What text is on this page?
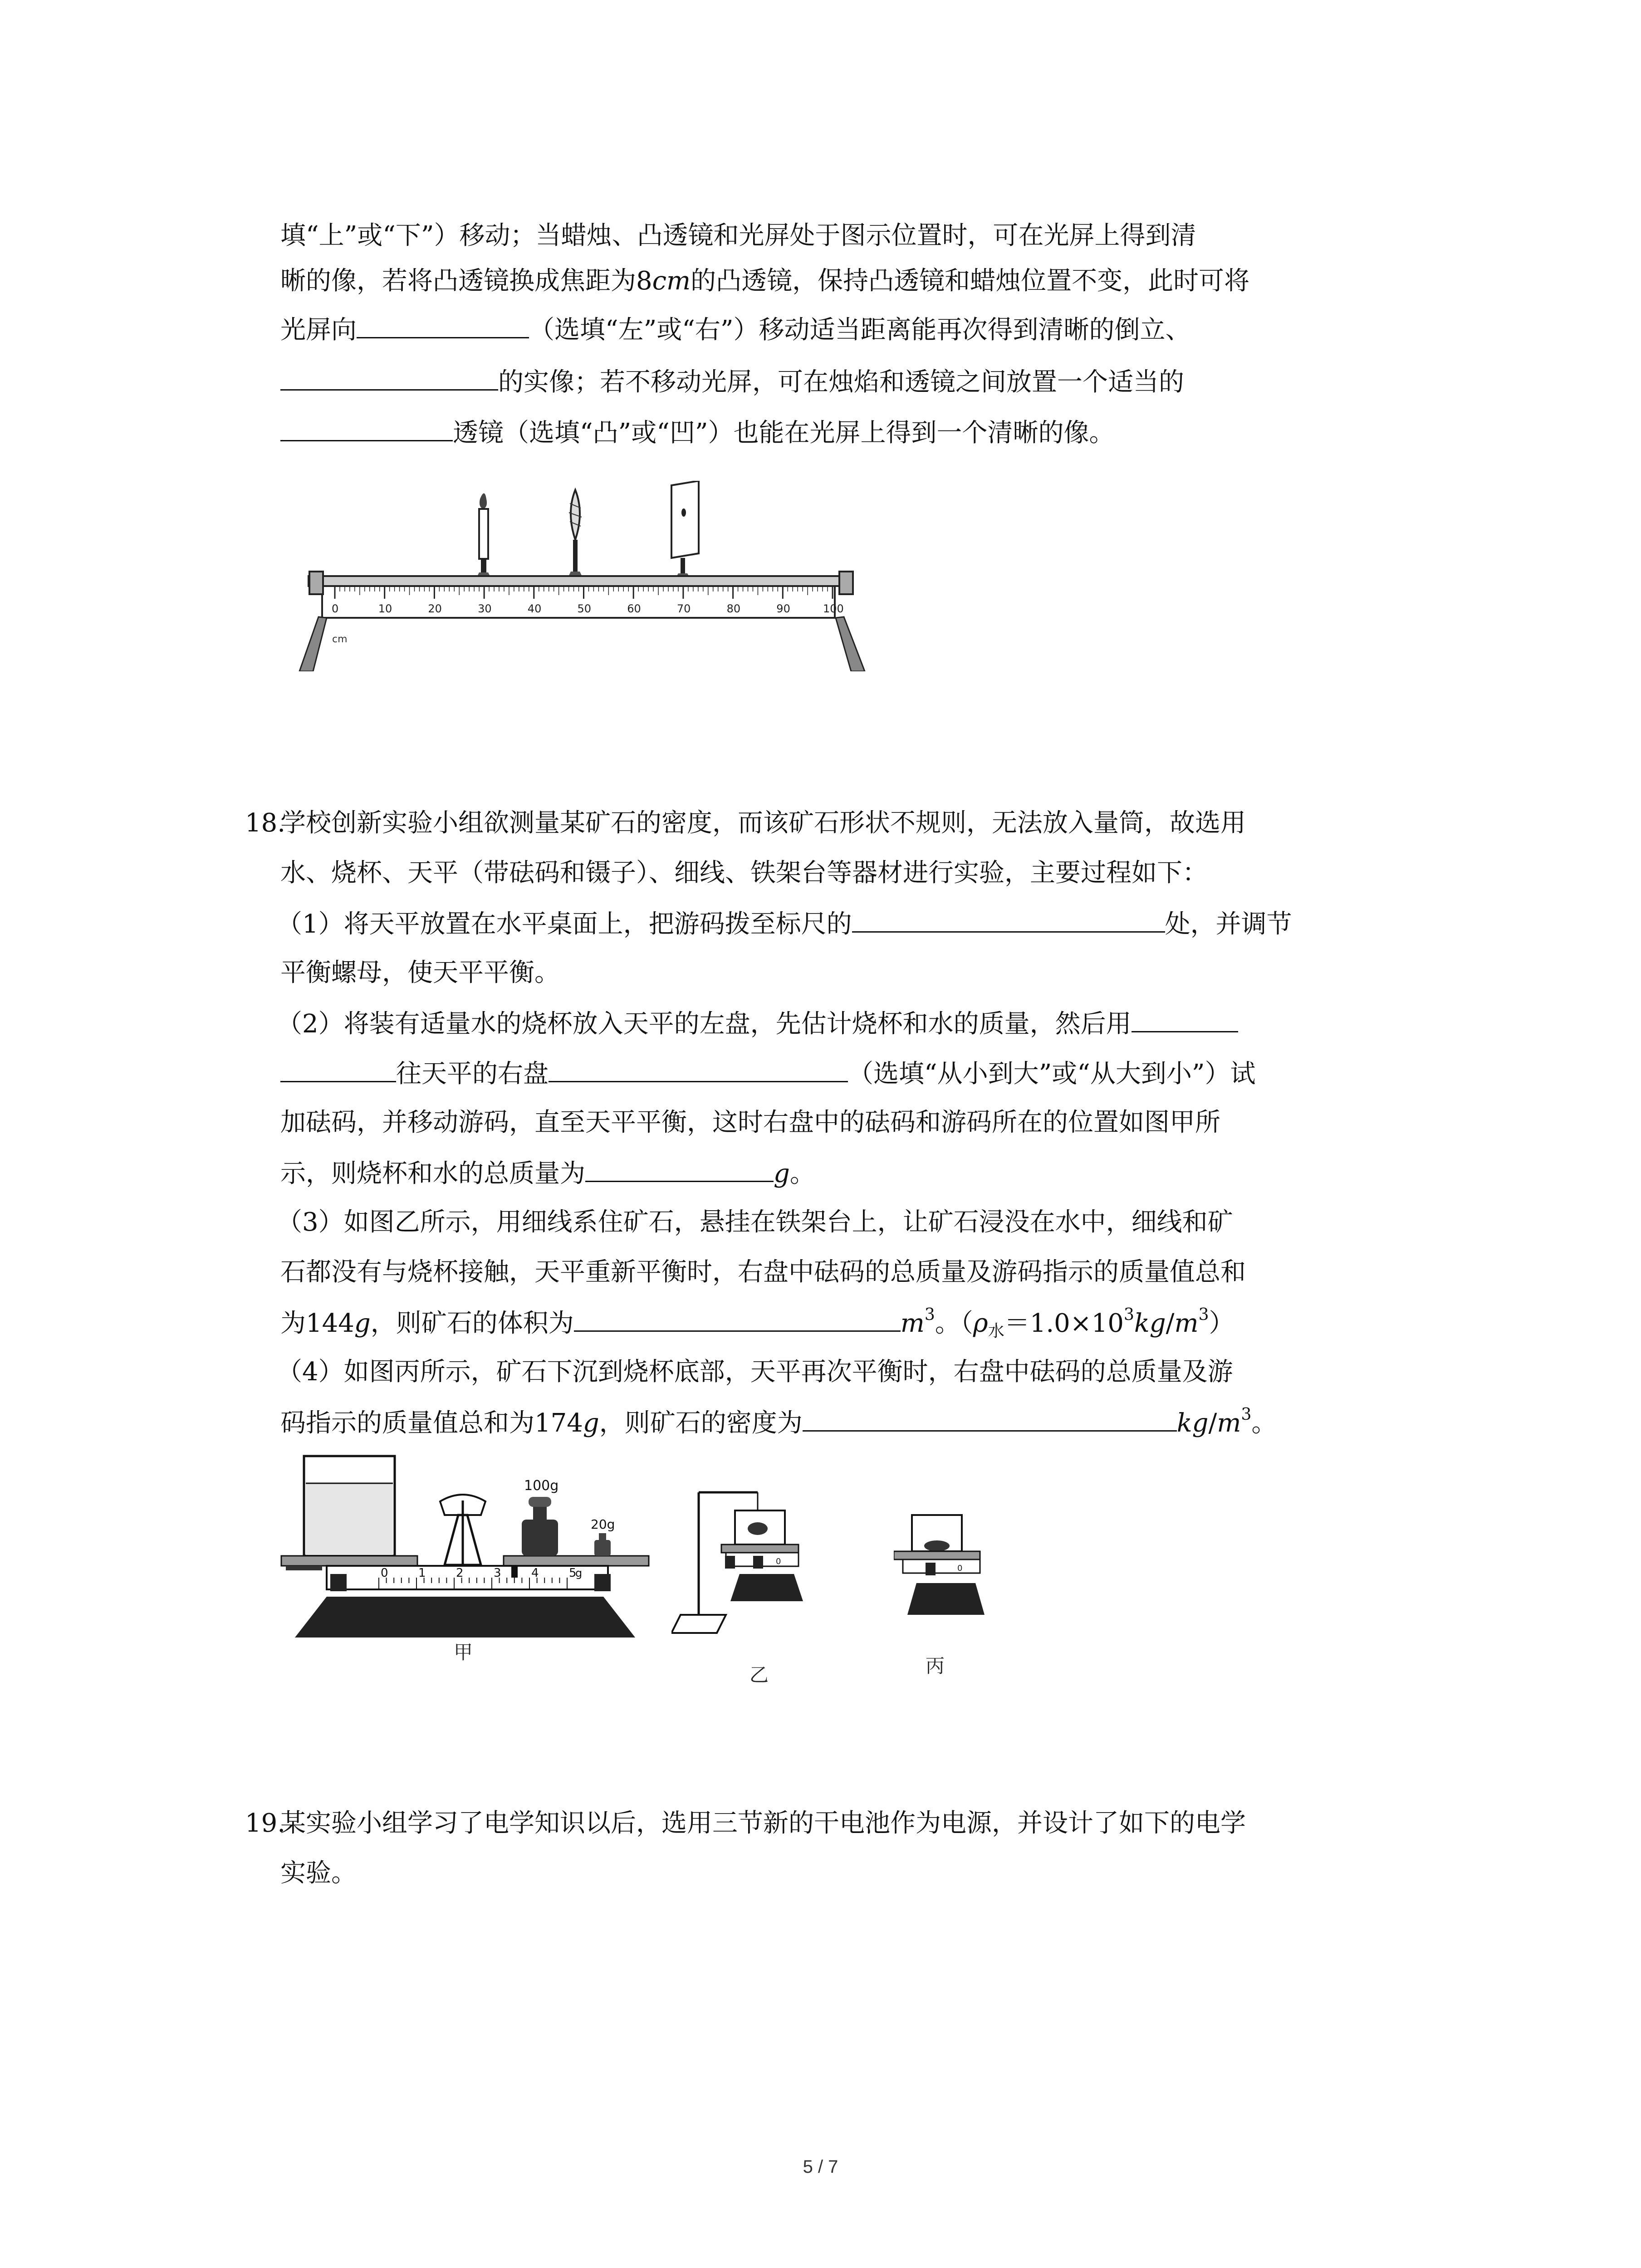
填“上”或“下”）移动；当蜡烛、凸透镜和光屏处于图示位置时，可在光屏上得到清
晰的像，若将凸透镜换成焦距为8cm的凸透镜，保持凸透镜和蜡烛位置不变，此时可将
光屏向	（选填“左”或“右”）移动适当距离能再次得到清晰的倒立、
的实像；若不移动光屏，可在烛焰和透镜之间放置一个适当的
透镜（选填“凸”或“凹”）也能在光屏上得到一个清晰的像。
0	10	20	30	40	50	60	70	80	90	100
cm
18.
学校创新实验小组欲测量某矿石的密度，而该矿石形状不规则，无法放入量筒，故选用
水、烧杯、天平（带砝码和镊子）、细线、铁架台等器材进行实验，主要过程如下：
（1）将天平放置在水平桌面上，把游码拨至标尺的	处，并调节
平衡螺母，使天平平衡。
（2）将装有适量水的烧杯放入天平的左盘，先估计烧杯和水的质量，然后用
往天平的右盘	（选填“从小到大”或“从大到小”）试
加砝码，并移动游码，直至天平平衡，这时右盘中的砝码和游码所在的位置如图甲所
示，则烧杯和水的总质量为	g。
（3）如图乙所示，用细线系住矿石，悬挂在铁架台上，让矿石浸没在水中，细线和矿
石都没有与烧杯接触，天平重新平衡时，右盘中砝码的总质量及游码指示的质量值总和
为144g，则矿石的体积为	$m^3$。$(\rho_水=1.0\times 10^3kg/m^3)$
（4）如图丙所示，矿石下沉到烧杯底部，天平再次平衡时，右盘中砝码的总质量及游
码指示的质量值总和为174g，则矿石的密度为	$kg/m^3$。
100g
20g
0	1	2	3	4	5
g
甲
0
乙
0
丙
19.
某实验小组学习了电学知识以后，选用三节新的干电池作为电源，并设计了如下的电学
实验。
5 / 7
